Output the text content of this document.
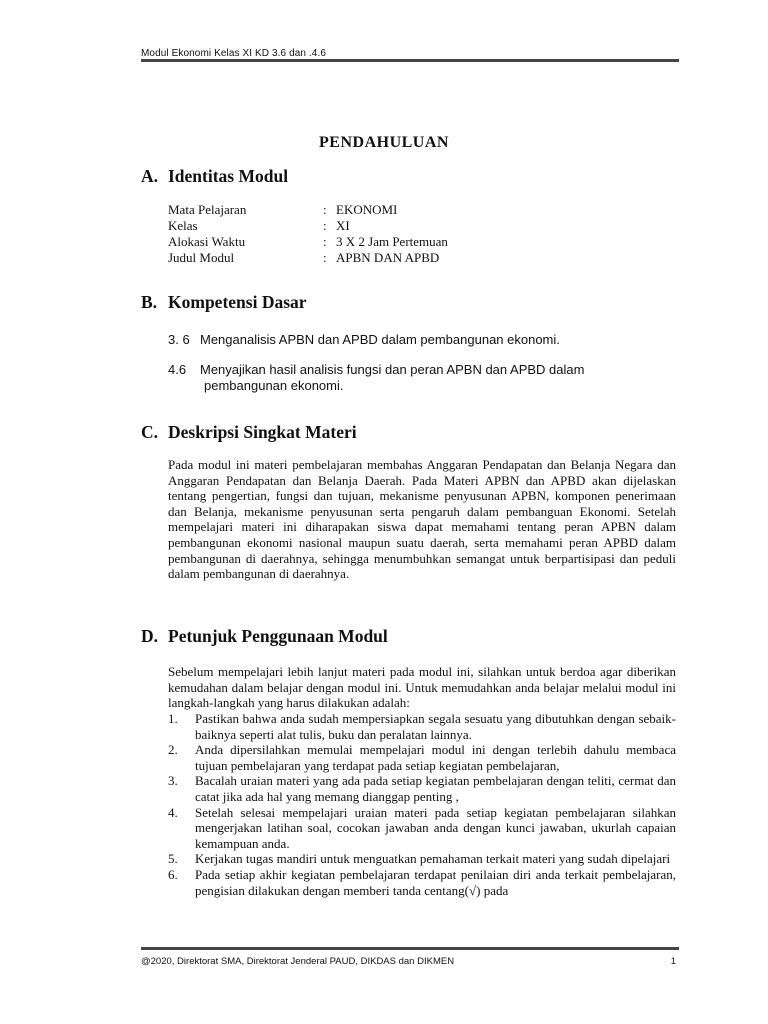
Modul Ekonomi Kelas XI KD 3.6 dan .4.6
PENDAHULUAN
A. Identitas Modul
Mata Pelajaran	: EKONOMI
Kelas	: XI
Alokasi Waktu	: 3 X 2 Jam Pertemuan
Judul Modul	: APBN DAN APBD
B. Kompetensi Dasar
3. 6 Menganalisis APBN dan APBD dalam pembangunan ekonomi.
4.6 Menyajikan hasil analisis fungsi dan peran APBN dan APBD dalam
pembangunan ekonomi.
C. Deskripsi Singkat Materi
Pada modul ini materi pembelajaran membahas Anggaran Pendapatan dan Belanja Negara dan Anggaran Pendapatan dan Belanja Daerah. Pada Materi APBN dan APBD akan dijelaskan tentang pengertian, fungsi dan tujuan, mekanisme penyusunan APBN, komponen penerimaan dan Belanja, mekanisme penyusunan serta pengaruh dalam pembanguan Ekonomi. Setelah mempelajari materi ini diharapakan siswa dapat memahami tentang peran APBN dalam pembangunan ekonomi nasional maupun suatu daerah, serta memahami peran APBD dalam pembangunan di daerahnya, sehingga menumbuhkan semangat untuk berpartisipasi dan peduli dalam pembangunan di daerahnya.
D. Petunjuk Penggunaan Modul
Sebelum mempelajari lebih lanjut materi pada modul ini, silahkan untuk berdoa agar diberikan kemudahan dalam belajar dengan modul ini. Untuk memudahkan anda belajar melalui modul ini langkah-langkah yang harus dilakukan adalah:
1.	Pastikan bahwa anda sudah mempersiapkan segala sesuatu yang dibutuhkan dengan sebaik-baiknya seperti alat tulis, buku dan peralatan lainnya.
2.	Anda dipersilahkan memulai mempelajari modul ini dengan terlebih dahulu membaca tujuan pembelajaran yang terdapat pada setiap kegiatan pembelajaran,
3.	Bacalah uraian materi yang ada pada setiap kegiatan pembelajaran dengan teliti, cermat dan catat jika ada hal yang memang dianggap penting ,
4.	Setelah selesai mempelajari uraian materi pada setiap kegiatan pembelajaran silahkan mengerjakan latihan soal, cocokan jawaban anda dengan kunci jawaban, ukurlah capaian kemampuan anda.
5.	Kerjakan tugas mandiri untuk menguatkan pemahaman terkait materi yang sudah dipelajari
6.	Pada setiap akhir kegiatan pembelajaran terdapat penilaian diri anda terkait pembelajaran, pengisian dilakukan dengan memberi tanda centang(√) pada
@2020, Direktorat SMA, Direktorat Jenderal PAUD, DIKDAS dan DIKMEN	1
